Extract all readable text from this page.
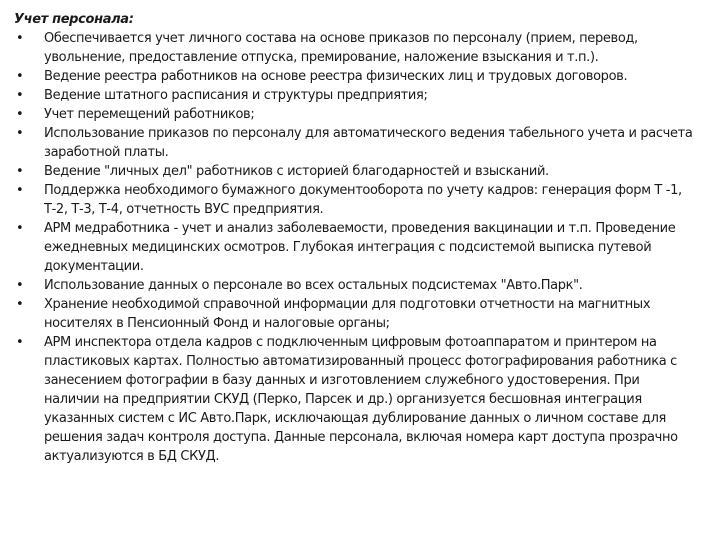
Учет персонала:

• Обеспечивается учет личного состава на основе приказов по персоналу (прием, перевод, увольнение, предоставление отпуска, премирование, наложение взыскания и т.п.).
• Ведение реестра работников на основе реестра физических лиц и трудовых договоров.
• Ведение штатного расписания и структуры предприятия;
• Учет перемещений работников;
• Использование приказов по персоналу для автоматического ведения табельного учета и расчета заработной платы.
• Ведение "личных дел" работников с историей благодарностей и взысканий.
• Поддержка необходимого бумажного документооборота по учету кадров: генерация форм Т -1, Т-2, Т-3, Т-4, отчетность ВУС предприятия.
• АРМ медработника - учет и анализ заболеваемости, проведения вакцинации и т.п. Проведение ежедневных медицинских осмотров. Глубокая интеграция с подсистемой выписка путевой документации.
• Использование данных о персонале во всех остальных подсистемах "Авто.Парк".
• Хранение необходимой справочной информации для подготовки отчетности на магнитных носителях в Пенсионный Фонд и налоговые органы;
• АРМ инспектора отдела кадров с подключенным цифровым фотоаппаратом и принтером на пластиковых картах. Полностью автоматизированный процесс фотографирования работника с занесением фотографии в базу данных и изготовлением служебного удостоверения. При наличии на предприятии СКУД (Перко, Парсек и др.) организуется бесшовная интеграция указанных систем с ИС Авто.Парк, исключающая дублирование данных о личном составе для решения задач контроля доступа. Данные персонала, включая номера карт доступа прозрачно актуализуются в БД СКУД.
